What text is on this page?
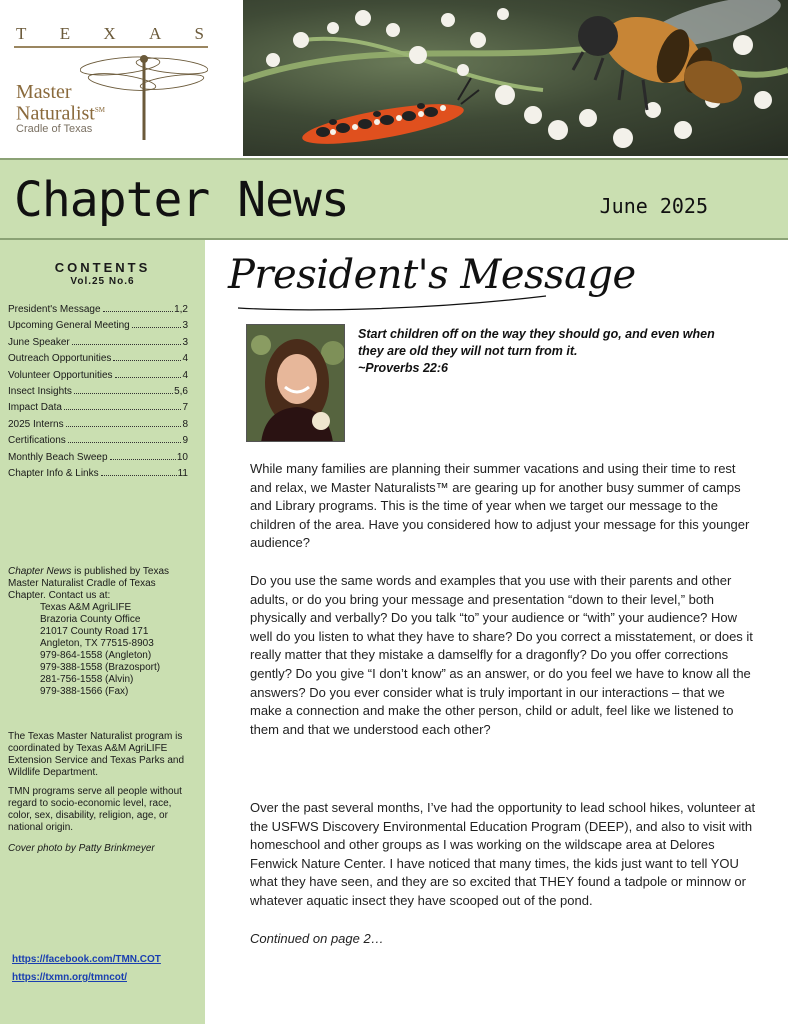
T E X A S
Master
Naturalist℠
Cradle of Texas
Chapter News	June 2025
CONTENTS
Vol.25 No.6
President's Message	1,2
Upcoming General Meeting	3
June Speaker	3
Outreach Opportunities	4
Volunteer Opportunities	4
Insect Insights	5,6
Impact Data	7
2025 Interns	8
Certifications	9
Monthly Beach Sweep	10
Chapter Info & Links	11
Chapter News is published by Texas Master Naturalist Cradle of Texas Chapter. Contact us at:
Texas A&M AgriLIFE
Brazoria County Office
21017 County Road 171
Angleton, TX 77515-8903
979-864-1558 (Angleton)
979-388-1558 (Brazosport)
281-756-1558 (Alvin)
979-388-1566 (Fax)
The Texas Master Naturalist program is coordinated by Texas A&M AgriLIFE Extension Service and Texas Parks and Wildlife Department.
TMN programs serve all people without regard to socio-economic level, race, color, sex, disability, religion, age, or national origin.
Cover photo by Patty Brinkmeyer
https://facebook.com/TMN.COT
https://txmn.org/tmncot/
President's Message
Start children off on the way they should go, and even when they are old they will not turn from it.
~Proverbs 22:6
While many families are planning their summer vacations and using their time to rest and relax, we Master Naturalists™ are gearing up for another busy summer of camps and Library programs. This is the time of year when we target our message to the children of the area. Have you considered how to adjust your message for this younger audience?
Do you use the same words and examples that you use with their parents and other adults, or do you bring your message and presentation “down to their level,” both physically and verbally? Do you talk “to” your audience or “with” your audience? How well do you listen to what they have to share? Do you correct a misstatement, or does it really matter that they mistake a damselfly for a dragonfly? Do you offer corrections gently? Do you give “I don’t know” as an answer, or do you feel we have to know all the answers? Do you ever consider what is truly important in our interactions – that we make a connection and make the other person, child or adult, feel like we listened to them and that we understood each other?
Over the past several months, I’ve had the opportunity to lead school hikes, volunteer at the USFWS Discovery Environmental Education Program (DEEP), and also to visit with homeschool and other groups as I was working on the wildscape area at Delores Fenwick Nature Center. I have noticed that many times, the kids just want to tell YOU what they have seen, and they are so excited that THEY found a tadpole or minnow or whatever aquatic insect they have scooped out of the pond.
Continued on page 2…
